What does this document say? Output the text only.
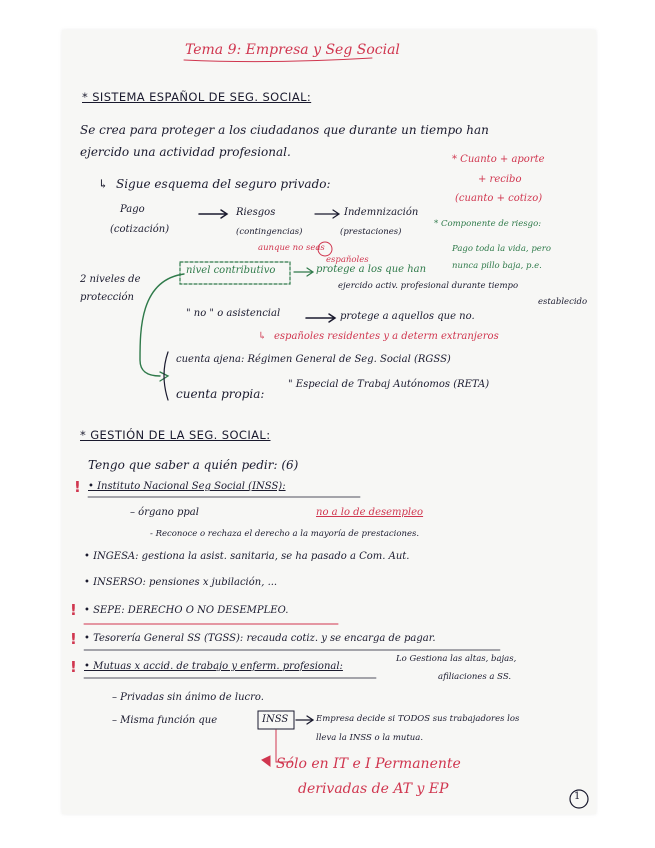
Tema 9: Empresa y Seg Social
* SISTEMA ESPAÑOL DE SEG. SOCIAL:
Se crea para proteger a los ciudadanos que durante un tiempo han
ejercido una actividad profesional.
↳ Sigue esquema del seguro privado:
* Cuanto + aporte
+ recibo
(cuanto + cotizo)
Pago
(cotización)
Riesgos
(contingencias)
Indemnización
(prestaciones)
* Componente de riesgo:
Pago toda la vida, pero
nunca pillo baja, p.e.
aunque no seas
españoles
2 niveles de
protección
nivel contributivo	protege a los que han
ejercido activ. profesional durante tiempo
establecido
" no " o asistencial	protege a aquellos que no.
↳ españoles residentes y a determ extranjeros
cuenta ajena: Régimen General de Seg. Social (RGSS)
cuenta propia:
" Especial de Trabaj Autónomos (RETA)
* GESTIÓN DE LA SEG. SOCIAL:
Tengo que saber a quién pedir: (6)
! • Instituto Nacional Seg Social (INSS):
– órgano ppal	no a lo de desempleo
- Reconoce o rechaza el derecho a la mayoría de prestaciones.
• INGESA: gestiona la asist. sanitaria, se ha pasado a Com. Aut.
• INSERSO: pensiones x jubilación, ...
! • SEPE: DERECHO O NO DESEMPLEO.
! • Tesorería General SS (TGSS): recauda cotiz. y se encarga de pagar.
! • Mutuas x accid. de trabajo y enferm. profesional:
Lo Gestiona las altas, bajas,
afiliaciones a SS.
– Privadas sin ánimo de lucro.
– Misma función que	INSS	Empresa decide si TODOS sus trabajadores los
lleva la INSS o la mutua.
Sólo en IT e I Permanente
derivadas de AT y EP	1
